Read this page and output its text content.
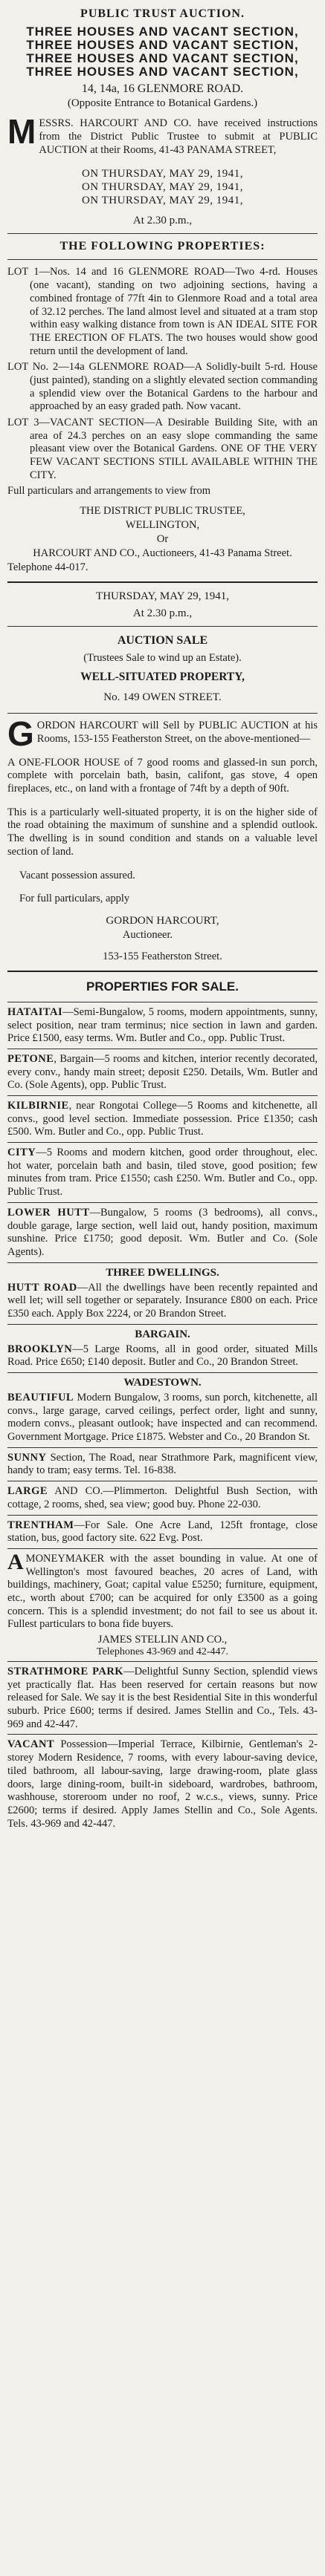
PUBLIC TRUST AUCTION.
THREE HOUSES AND VACANT SECTION,
THREE HOUSES AND VACANT SECTION,
THREE HOUSES AND VACANT SECTION,
THREE HOUSES AND VACANT SECTION,
14, 14a, 16 GLENMORE ROAD.
(Opposite Entrance to Botanical Gardens.)

MESSRS. HARCOURT AND CO. have received instructions from the District Public Trustee to submit at PUBLIC AUCTION at their Rooms, 41-43 PANAMA STREET,

ON THURSDAY, MAY 29, 1941,
ON THURSDAY, MAY 29, 1941,
ON THURSDAY, MAY 29, 1941,
At 2.30 p.m.,
THE FOLLOWING PROPERTIES:
LOT 1—Nos. 14 and 16 GLENMORE ROAD—Two 4-rd. Houses (one vacant), standing on two adjoining sections, having a combined frontage of 77ft 4in to Glenmore Road and a total area of 32.12 perches. The land almost level and situated at a tram stop within easy walking distance from town is AN IDEAL SITE FOR THE ERECTION OF FLATS. The two houses would show good return until the development of land.
LOT No. 2—14a GLENMORE ROAD—A Solidly-built 5-rd. House (just painted), standing on a slightly elevated section commanding a splendid view over the Botanical Gardens to the harbour and approached by an easy graded path. Now vacant.
LOT 3—VACANT SECTION—A Desirable Building Site, with an area of 24.3 perches on an easy slope commanding the same pleasant view over the Botanical Gardens. ONE OF THE VERY FEW VACANT SECTIONS STILL AVAILABLE WITHIN THE CITY.

Full particulars and arrangements to view from

THE DISTRICT PUBLIC TRUSTEE,
WELLINGTON,
Or
HARCOURT AND CO., Auctioneers, 41-43 Panama Street.
Telephone 44-017.
THURSDAY, MAY 29, 1941,
At 2.30 p.m.,
AUCTION SALE
(Trustees Sale to wind up an Estate).
WELL-SITUATED PROPERTY,
No. 149 OWEN STREET.

GORDON HARCOURT will Sell by PUBLIC AUCTION at his Rooms, 153-155 Featherston Street, on the above-mentioned—

A ONE-FLOOR HOUSE of 7 good rooms and glassed-in sun porch, complete with porcelain bath, basin, califont, gas stove, 4 open fireplaces, etc., on land with a frontage of 74ft by a depth of 90ft.

This is a particularly well-situated property, it is on the higher side of the road obtaining the maximum of sunshine and a splendid outlook. The dwelling is in sound condition and stands on a valuable level section of land.

Vacant possession assured.

For full particulars, apply

GORDON HARCOURT,
Auctioneer.
153-155 Featherston Street.
PROPERTIES FOR SALE.

HATAITAI—Semi-Bungalow, 5 rooms, modern appointments, sunny, select position, near tram terminus; nice section in lawn and garden. Price £1500, easy terms. Wm. Butler and Co., opp. Public Trust.

PETONE, Bargain—5 rooms and kitchen, interior recently decorated, every conv., handy main street; deposit £250. Details, Wm. Butler and Co. (Sole Agents), opp. Public Trust.

KILBIRNIE, near Rongotai College—5 Rooms and kitchenette, all convs., good level section. Immediate possession. Price £1350; cash £500. Wm. Butler and Co., opp. Public Trust.

CITY—5 Rooms and modern kitchen, good order throughout, elec. hot water, porcelain bath and basin, tiled stove, good position; few minutes from tram. Price £1550; cash £250. Wm. Butler and Co., opp. Public Trust.

LOWER HUTT—Bungalow, 5 rooms (3 bedrooms), all convs., double garage, large section, well laid out, handy position, maximum sunshine. Price £1750; good deposit. Wm. Butler and Co. (Sole Agents).

THREE DWELLINGS.

HUTT ROAD—All the dwellings have been recently repainted and well let; will sell together or separately. Insurance £800 on each. Price £350 each. Apply Box 2224, or 20 Brandon Street.

BARGAIN.

BROOKLYN—5 Large Rooms, all in good order, situated Mills Road. Price £650; £140 deposit. Butler and Co., 20 Brandon Street.

WADESTOWN.

BEAUTIFUL Modern Bungalow, 3 rooms, sun porch, kitchenette, all convs., large garage, carved ceilings, perfect order, light and sunny, modern convs., pleasant outlook; have inspected and can recommend. Government Mortgage. Price £1875. Webster and Co., 20 Brandon St.

SUNNY Section, The Road, near Strathmore Park, magnificent view, handy to tram; easy terms. Tel. 16-838.

LARGE AND CO.—Plimmerton. Delightful Bush Section, with cottage, 2 rooms, shed, sea view; good buy. Phone 22-030.

TRENTHAM—For Sale. One Acre Land, 125ft frontage, close station, bus, good factory site. 622 Evg. Post.

A MONEYMAKER with the asset bounding in value. At one of Wellington's most favoured beaches, 20 acres of Land, with buildings, machinery, Goat; capital value £5250; furniture, equipment, etc., worth about £700; can be acquired for only £3500 as a going concern. This is a splendid investment; do not fail to see us about it. Fullest particulars to bona fide buyers.

JAMES STELLIN AND CO.,
Telephones 43-969 and 42-447.

STRATHMORE PARK—Delightful Sunny Section, splendid views yet practically flat. Has been reserved for certain reasons but now released for Sale. We say it is the best Residential Site in this wonderful suburb. Price £600; terms if desired. James Stellin and Co., Tels. 43-969 and 42-447.

VACANT Possession—Imperial Terrace, Kilbirnie, Gentleman's 2-storey Modern Residence, 7 rooms, with every labour-saving device, tiled bathroom, all labour-saving, large drawing-room, plate glass doors, large dining-room, built-in sideboard, wardrobes, bathroom, washhouse, storeroom under no roof, 2 w.c.s., views, sunny. Price £2600; terms if desired. Apply James Stellin and Co., Sole Agents. Tels. 43-969 and 42-447.
